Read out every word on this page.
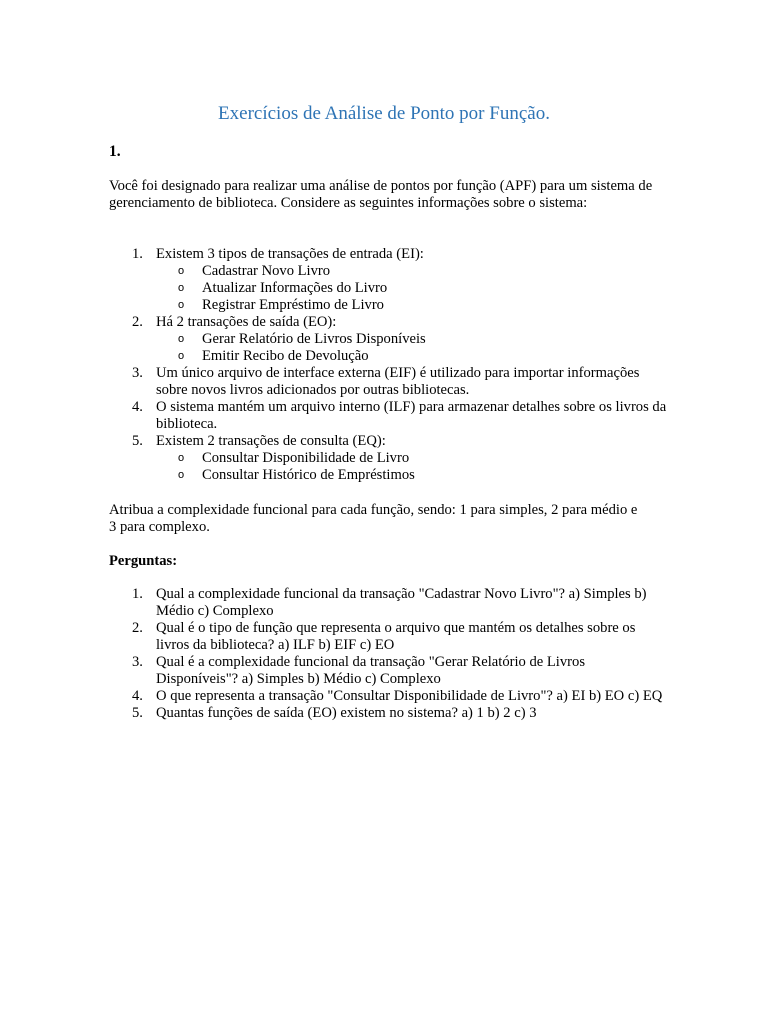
Exercícios de Análise de Ponto por Função.
1.
Você foi designado para realizar uma análise de pontos por função (APF) para um sistema de gerenciamento de biblioteca. Considere as seguintes informações sobre o sistema:
1. Existem 3 tipos de transações de entrada (EI):
o Cadastrar Novo Livro
o Atualizar Informações do Livro
o Registrar Empréstimo de Livro
2. Há 2 transações de saída (EO):
o Gerar Relatório de Livros Disponíveis
o Emitir Recibo de Devolução
3. Um único arquivo de interface externa (EIF) é utilizado para importar informações sobre novos livros adicionados por outras bibliotecas.
4. O sistema mantém um arquivo interno (ILF) para armazenar detalhes sobre os livros da biblioteca.
5. Existem 2 transações de consulta (EQ):
o Consultar Disponibilidade de Livro
o Consultar Histórico de Empréstimos
Atribua a complexidade funcional para cada função, sendo: 1 para simples, 2 para médio e 3 para complexo.
Perguntas:
1. Qual a complexidade funcional da transação "Cadastrar Novo Livro"? a) Simples b) Médio c) Complexo
2. Qual é o tipo de função que representa o arquivo que mantém os detalhes sobre os livros da biblioteca? a) ILF b) EIF c) EO
3. Qual é a complexidade funcional da transação "Gerar Relatório de Livros Disponíveis"? a) Simples b) Médio c) Complexo
4. O que representa a transação "Consultar Disponibilidade de Livro"? a) EI b) EO c) EQ
5. Quantas funções de saída (EO) existem no sistema? a) 1 b) 2 c) 3
